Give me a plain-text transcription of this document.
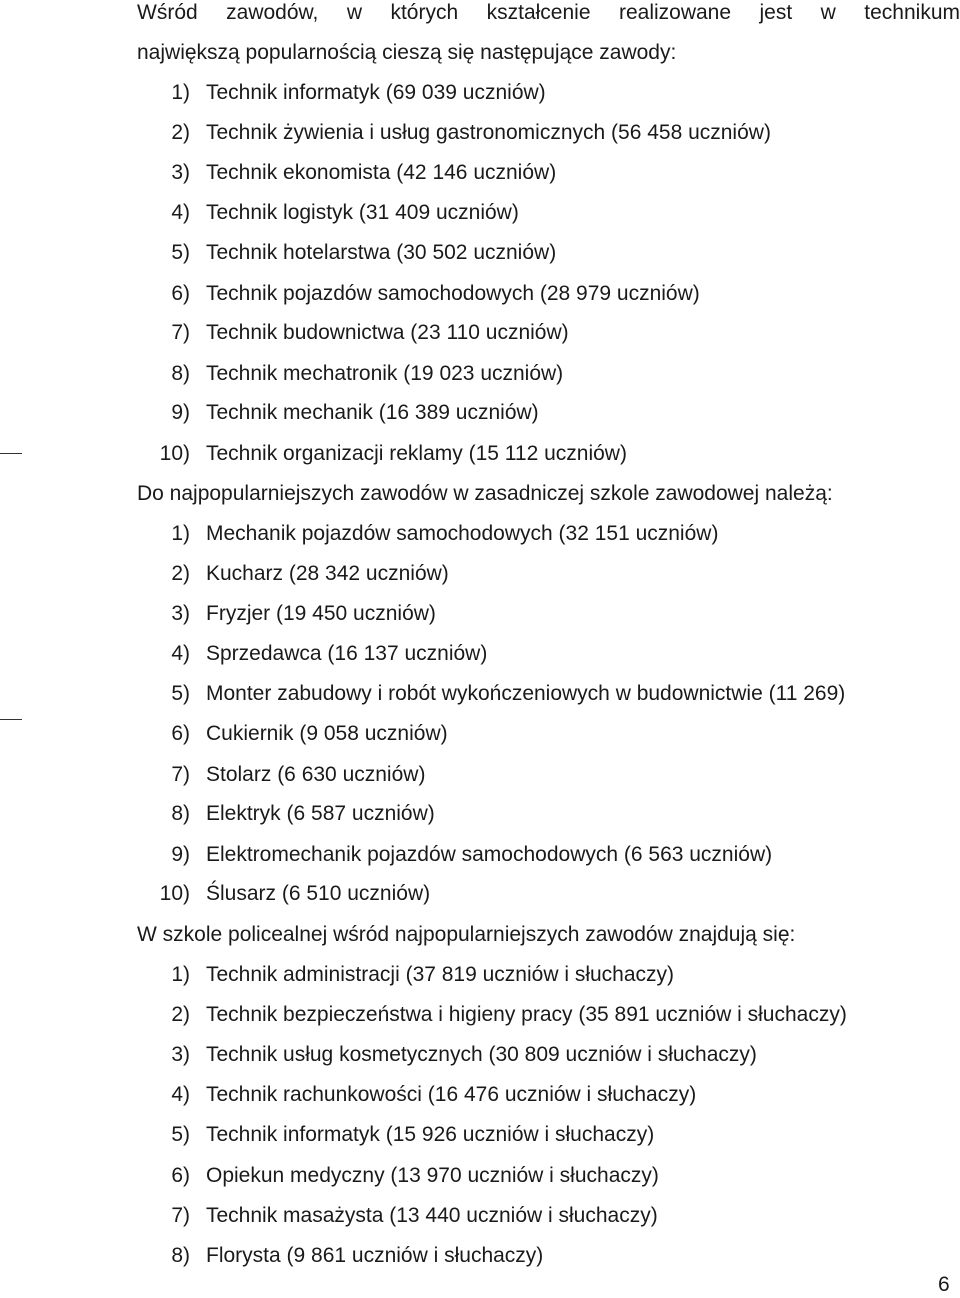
Wśród zawodów, w których kształcenie realizowane jest w technikum
największą popularnością cieszą się następujące zawody:
1) Technik informatyk (69 039 uczniów)
2) Technik żywienia i usług gastronomicznych (56 458 uczniów)
3) Technik ekonomista (42 146 uczniów)
4) Technik logistyk (31 409 uczniów)
5) Technik hotelarstwa (30 502 uczniów)
6) Technik pojazdów samochodowych (28 979 uczniów)
7) Technik budownictwa (23 110 uczniów)
8) Technik mechatronik (19 023 uczniów)
9) Technik mechanik (16 389 uczniów)
10) Technik organizacji reklamy (15 112 uczniów)
Do najpopularniejszych zawodów w zasadniczej szkole zawodowej należą:
1) Mechanik pojazdów samochodowych (32 151 uczniów)
2) Kucharz (28 342 uczniów)
3) Fryzjer (19 450 uczniów)
4) Sprzedawca (16 137 uczniów)
5) Monter zabudowy i robót wykończeniowych w budownictwie (11 269)
6) Cukiernik (9 058 uczniów)
7) Stolarz (6 630 uczniów)
8) Elektryk (6 587 uczniów)
9) Elektromechanik pojazdów samochodowych (6 563 uczniów)
10) Ślusarz (6 510 uczniów)
W szkole policealnej wśród najpopularniejszych zawodów znajdują się:
1) Technik administracji (37 819 uczniów i słuchaczy)
2) Technik bezpieczeństwa i higieny pracy (35 891 uczniów i słuchaczy)
3) Technik usług kosmetycznych (30 809 uczniów i słuchaczy)
4) Technik rachunkowości (16 476 uczniów i słuchaczy)
5) Technik informatyk (15 926 uczniów i słuchaczy)
6) Opiekun medyczny (13 970 uczniów i słuchaczy)
7) Technik masażysta (13 440 uczniów i słuchaczy)
8) Florysta (9 861 uczniów i słuchaczy)
6
